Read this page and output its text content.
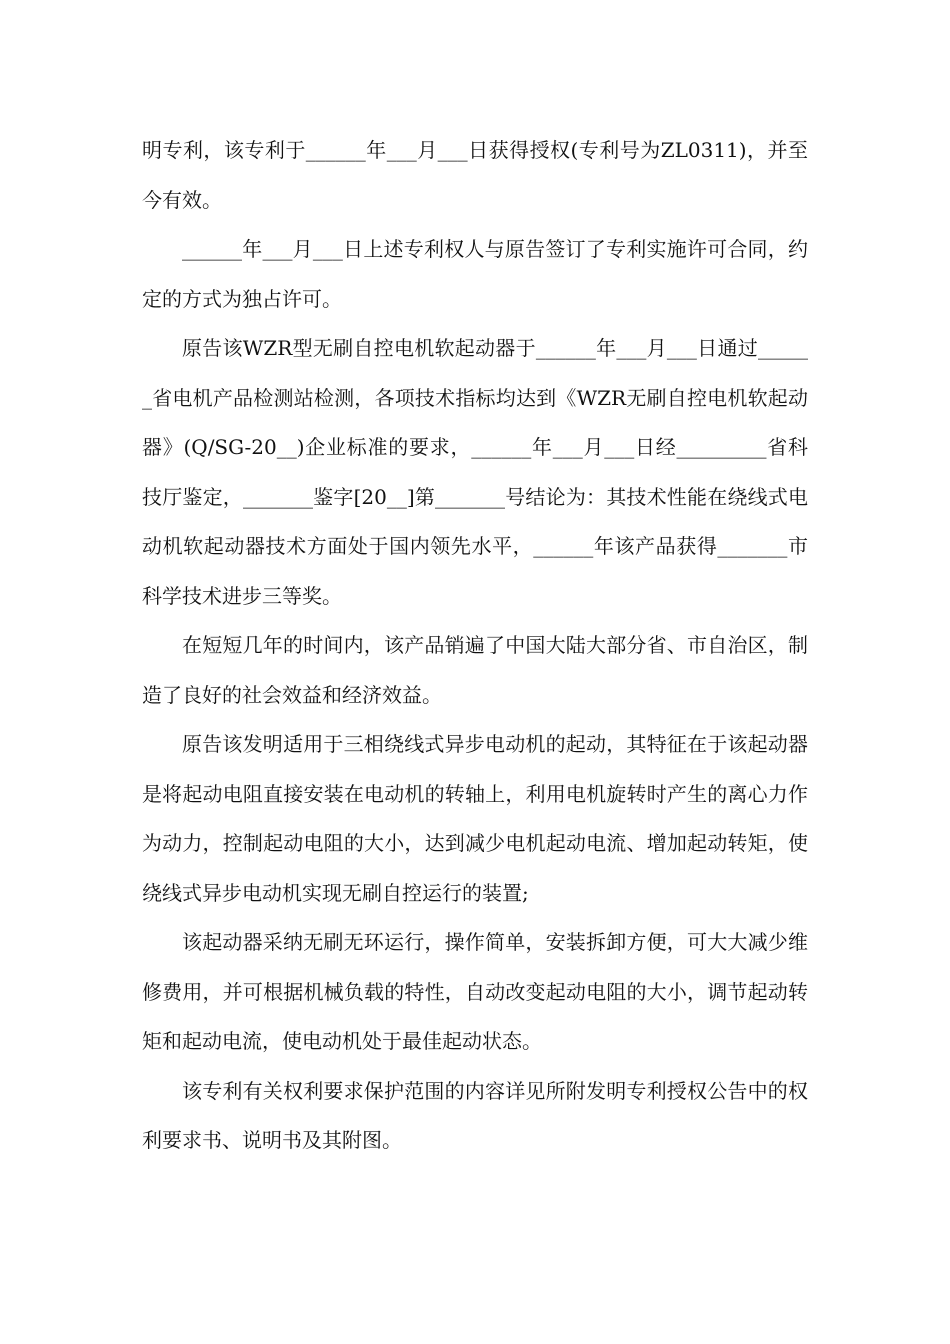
明专利，该专利于______年___月___日获得授权(专利号为ZL0311)，并至今有效。

______年___月___日上述专利权人与原告签订了专利实施许可合同，约定的方式为独占许可。

原告该WZR型无刷自控电机软起动器于______年___月___日通过______省电机产品检测站检测，各项技术指标均达到《WZR无刷自控电机软起动器》(Q/SG-20__)企业标准的要求，______年___月___日经_________省科技厅鉴定，_______鉴字[20__]第_______号结论为：其技术性能在绕线式电动机软起动器技术方面处于国内领先水平，______年该产品获得_______市科学技术进步三等奖。

在短短几年的时间内，该产品销遍了中国大陆大部分省、市自治区，制造了良好的社会效益和经济效益。

原告该发明适用于三相绕线式异步电动机的起动，其特征在于该起动器是将起动电阻直接安装在电动机的转轴上，利用电机旋转时产生的离心力作为动力，控制起动电阻的大小，达到减少电机起动电流、增加起动转矩，使绕线式异步电动机实现无刷自控运行的装置;

该起动器采纳无刷无环运行，操作简单，安装拆卸方便，可大大减少维修费用，并可根据机械负载的特性，自动改变起动电阻的大小，调节起动转矩和起动电流，使电动机处于最佳起动状态。

该专利有关权利要求保护范围的内容详见所附发明专利授权公告中的权利要求书、说明书及其附图。
